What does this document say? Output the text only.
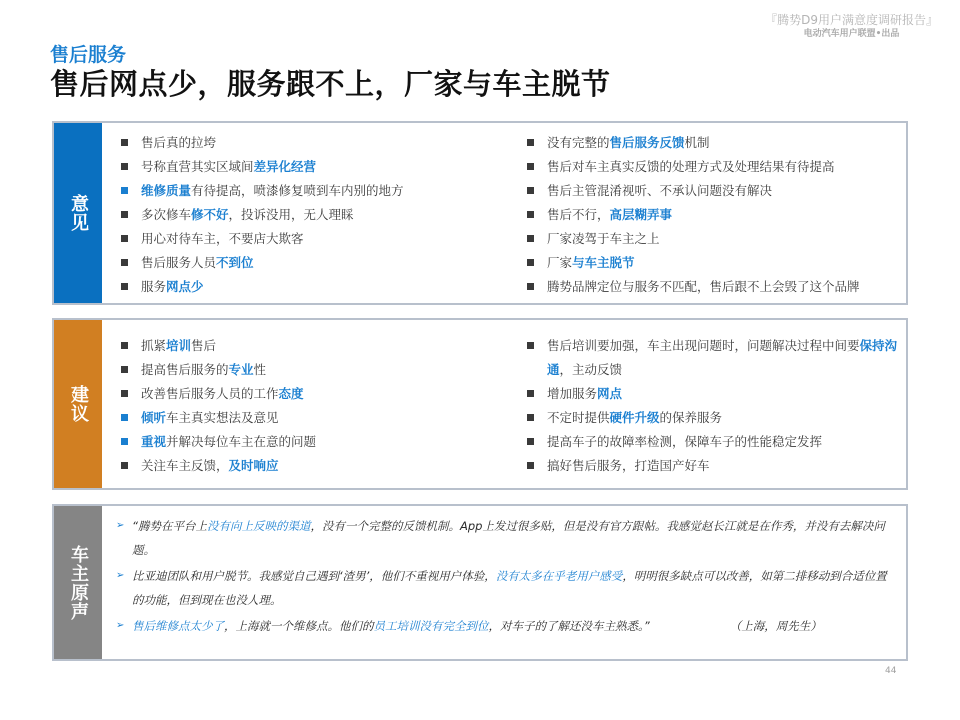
『腾势D9用户满意度调研报告』
电动汽车用户联盟•出品
售后服务
售后网点少，服务跟不上，厂家与车主脱节
意见
售后真的拉垮
号称直营其实区域间差异化经营
维修质量有待提高，喷漆修复喷到车内别的地方
多次修车修不好，投诉没用，无人理睬
用心对待车主，不要店大欺客
售后服务人员不到位
服务网点少
没有完整的售后服务反馈机制
售后对车主真实反馈的处理方式及处理结果有待提高
售后主管混淆视听、不承认问题没有解决
售后不行，高层糊弄事
厂家凌驾于车主之上
厂家与车主脱节
腾势品牌定位与服务不匹配，售后跟不上会毁了这个品牌
建议
抓紧培训售后
提高售后服务的专业性
改善售后服务人员的工作态度
倾听车主真实想法及意见
重视并解决每位车主在意的问题
关注车主反馈，及时响应
售后培训要加强，车主出现问题时，问题解决过程中间要保持沟通，主动反馈
增加服务网点
不定时提供硬件升级的保养服务
提高车子的故障率检测，保障车子的性能稳定发挥
搞好售后服务，打造国产好车
车主原声
➢ “腾势在平台上没有向上反映的渠道，没有一个完整的反馈机制。App上发过很多贴，但是没有官方跟帖。我感觉赵长江就是在作秀，并没有去解决问题。
➢ 比亚迪团队和用户脱节。我感觉自己遇到‘渣男’，他们不重视用户体验，没有太多在乎老用户感受，明明很多缺点可以改善，如第二排移动到合适位置的功能，但到现在也没人理。
➢ 售后维修点太少了，上海就一个维修点。他们的员工培训没有完全到位，对车子的了解还没车主熟悉。”	（上海，周先生）
44
